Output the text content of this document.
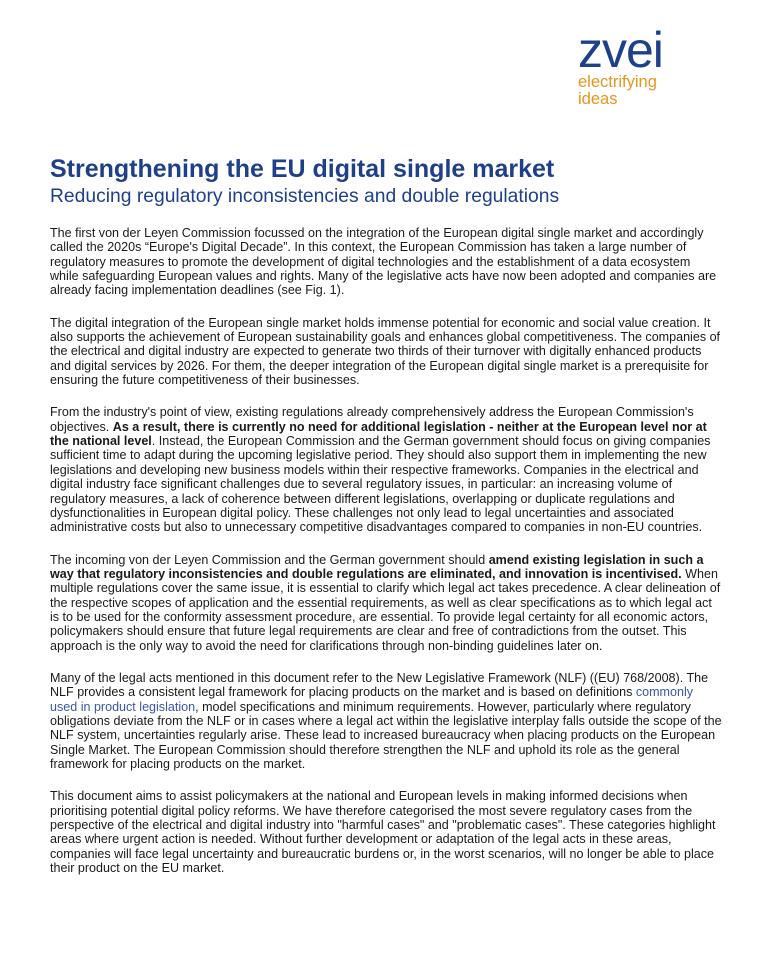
zvei
electrifying
ideas
Strengthening the EU digital single market
Reducing regulatory inconsistencies and double regulations

The first von der Leyen Commission focussed on the integration of the European digital single market and accordingly called the 2020s “Europe's Digital Decade”. In this context, the European Commission has taken a large number of regulatory measures to promote the development of digital technologies and the establishment of a data ecosystem while safeguarding European values and rights. Many of the legislative acts have now been adopted and companies are already facing implementation deadlines (see Fig. 1).

The digital integration of the European single market holds immense potential for economic and social value creation. It also supports the achievement of European sustainability goals and enhances global competitiveness. The companies of the electrical and digital industry are expected to generate two thirds of their turnover with digitally enhanced products and digital services by 2026. For them, the deeper integration of the European digital single market is a prerequisite for ensuring the future competitiveness of their businesses.

From the industry's point of view, existing regulations already comprehensively address the European Commission's objectives. As a result, there is currently no need for additional legislation - neither at the European level nor at the national level. Instead, the European Commission and the German government should focus on giving companies sufficient time to adapt during the upcoming legislative period. They should also support them in implementing the new legislations and developing new business models within their respective frameworks. Companies in the electrical and digital industry face significant challenges due to several regulatory issues, in particular: an increasing volume of regulatory measures, a lack of coherence between different legislations, overlapping or duplicate regulations and dysfunctionalities in European digital policy. These challenges not only lead to legal uncertainties and associated administrative costs but also to unnecessary competitive disadvantages compared to companies in non-EU countries.

The incoming von der Leyen Commission and the German government should amend existing legislation in such a way that regulatory inconsistencies and double regulations are eliminated, and innovation is incentivised. When multiple regulations cover the same issue, it is essential to clarify which legal act takes precedence. A clear delineation of the respective scopes of application and the essential requirements, as well as clear specifications as to which legal act is to be used for the conformity assessment procedure, are essential. To provide legal certainty for all economic actors, policymakers should ensure that future legal requirements are clear and free of contradictions from the outset. This approach is the only way to avoid the need for clarifications through non-binding guidelines later on.

Many of the legal acts mentioned in this document refer to the New Legislative Framework (NLF) ((EU) 768/2008). The NLF provides a consistent legal framework for placing products on the market and is based on definitions commonly used in product legislation, model specifications and minimum requirements. However, particularly where regulatory obligations deviate from the NLF or in cases where a legal act within the legislative interplay falls outside the scope of the NLF system, uncertainties regularly arise. These lead to increased bureaucracy when placing products on the European Single Market. The European Commission should therefore strengthen the NLF and uphold its role as the general framework for placing products on the market.

This document aims to assist policymakers at the national and European levels in making informed decisions when prioritising potential digital policy reforms. We have therefore categorised the most severe regulatory cases from the perspective of the electrical and digital industry into "harmful cases" and "problematic cases". These categories highlight areas where urgent action is needed. Without further development or adaptation of the legal acts in these areas, companies will face legal uncertainty and bureaucratic burdens or, in the worst scenarios, will no longer be able to place their product on the EU market.
